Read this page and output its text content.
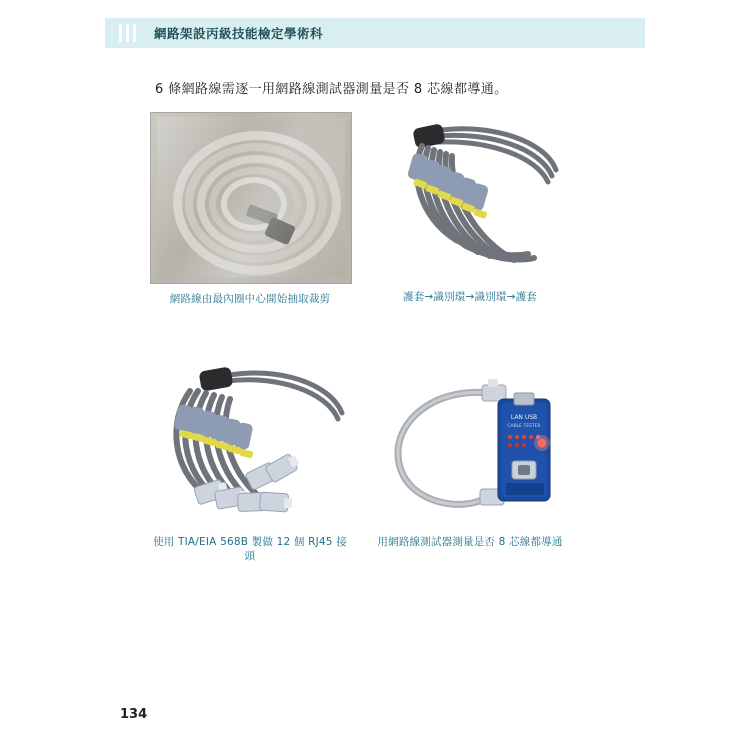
網路架設丙級技能檢定學術科
6 條網路線需逐一用網路線測試器測量是否 8 芯線都導通。
網路線由最內圈中心開始抽取裁剪	護套→識別環→識別環→護套
使用 TIA/EIA 568B 製做 12 個 RJ45 接頭
LAN USB
CABLE TESTER
用網路線測試器測量是否 8 芯線都導通
134
